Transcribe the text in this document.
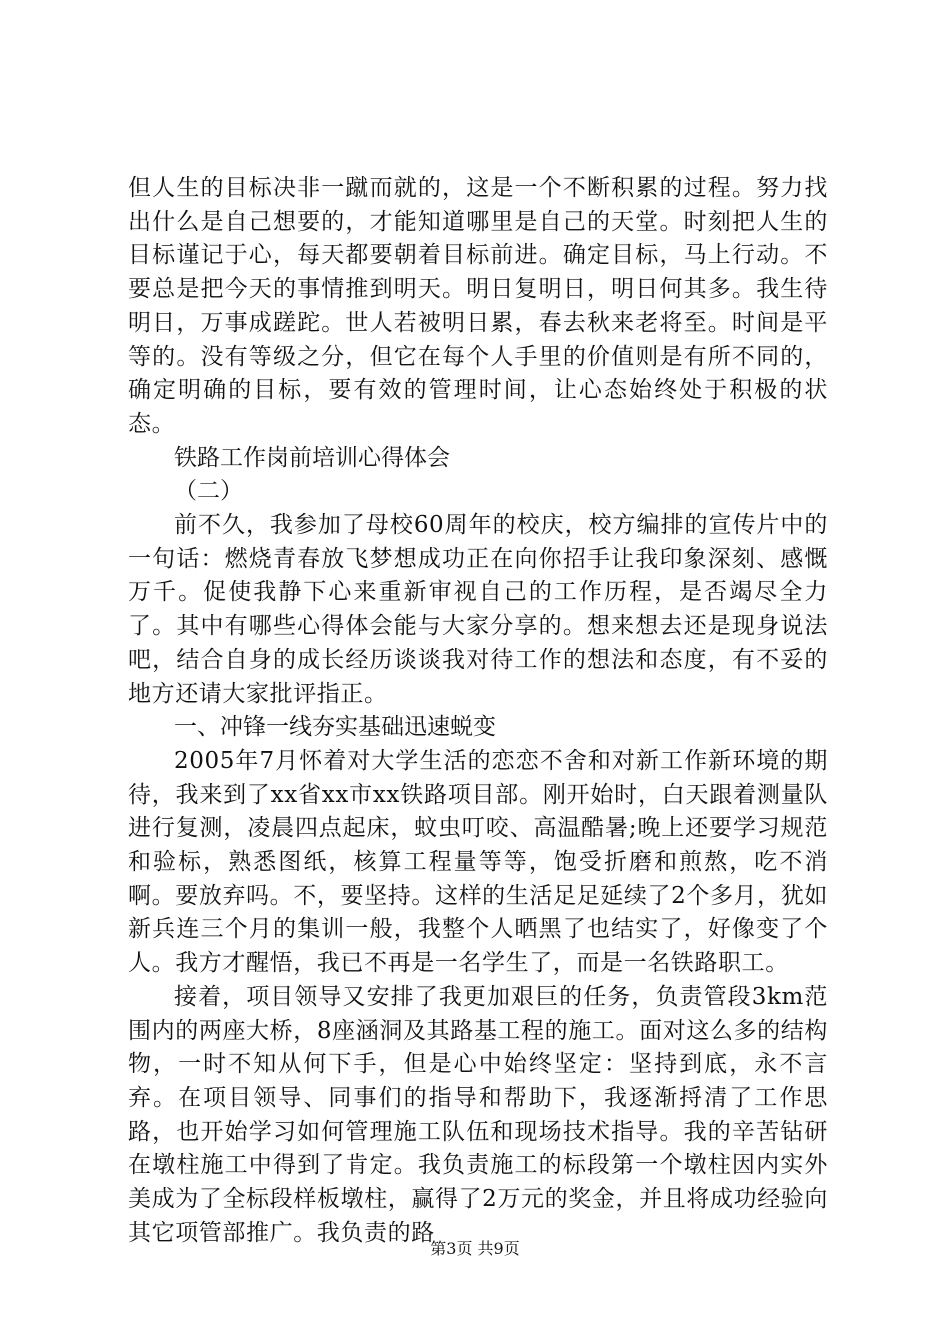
但人生的目标决非一蹴而就的，这是一个不断积累的过程。努力找出什么是自己想要的，才能知道哪里是自己的天堂。时刻把人生的目标谨记于心，每天都要朝着目标前进。确定目标，马上行动。不要总是把今天的事情推到明天。明日复明日，明日何其多。我生待明日，万事成蹉跎。世人若被明日累，春去秋来老将至。时间是平等的。没有等级之分，但它在每个人手里的价值则是有所不同的，确定明确的目标，要有效的管理时间，让心态始终处于积极的状态。

铁路工作岗前培训心得体会

（二）

前不久，我参加了母校60周年的校庆，校方编排的宣传片中的一句话：燃烧青春放飞梦想成功正在向你招手让我印象深刻、感慨万千。促使我静下心来重新审视自己的工作历程，是否竭尽全力了。其中有哪些心得体会能与大家分享的。想来想去还是现身说法吧，结合自身的成长经历谈谈我对待工作的想法和态度，有不妥的地方还请大家批评指正。

一、冲锋一线夯实基础迅速蜕变

2005年7月怀着对大学生活的恋恋不舍和对新工作新环境的期待，我来到了xx省xx市xx铁路项目部。刚开始时，白天跟着测量队进行复测，凌晨四点起床，蚊虫叮咬、高温酷暑;晚上还要学习规范和验标，熟悉图纸，核算工程量等等，饱受折磨和煎熬，吃不消啊。要放弃吗。不，要坚持。这样的生活足足延续了2个多月，犹如新兵连三个月的集训一般，我整个人晒黑了也结实了，好像变了个人。我方才醒悟，我已不再是一名学生了，而是一名铁路职工。

接着，项目领导又安排了我更加艰巨的任务，负责管段3km范围内的两座大桥，8座涵洞及其路基工程的施工。面对这么多的结构物，一时不知从何下手，但是心中始终坚定：坚持到底，永不言弃。在项目领导、同事们的指导和帮助下，我逐渐捋清了工作思路，也开始学习如何管理施工队伍和现场技术指导。我的辛苦钻研在墩柱施工中得到了肯定。我负责施工的标段第一个墩柱因内实外美成为了全标段样板墩柱，赢得了2万元的奖金，并且将成功经验向其它项管部推广。我负责的路

第3页 共9页
